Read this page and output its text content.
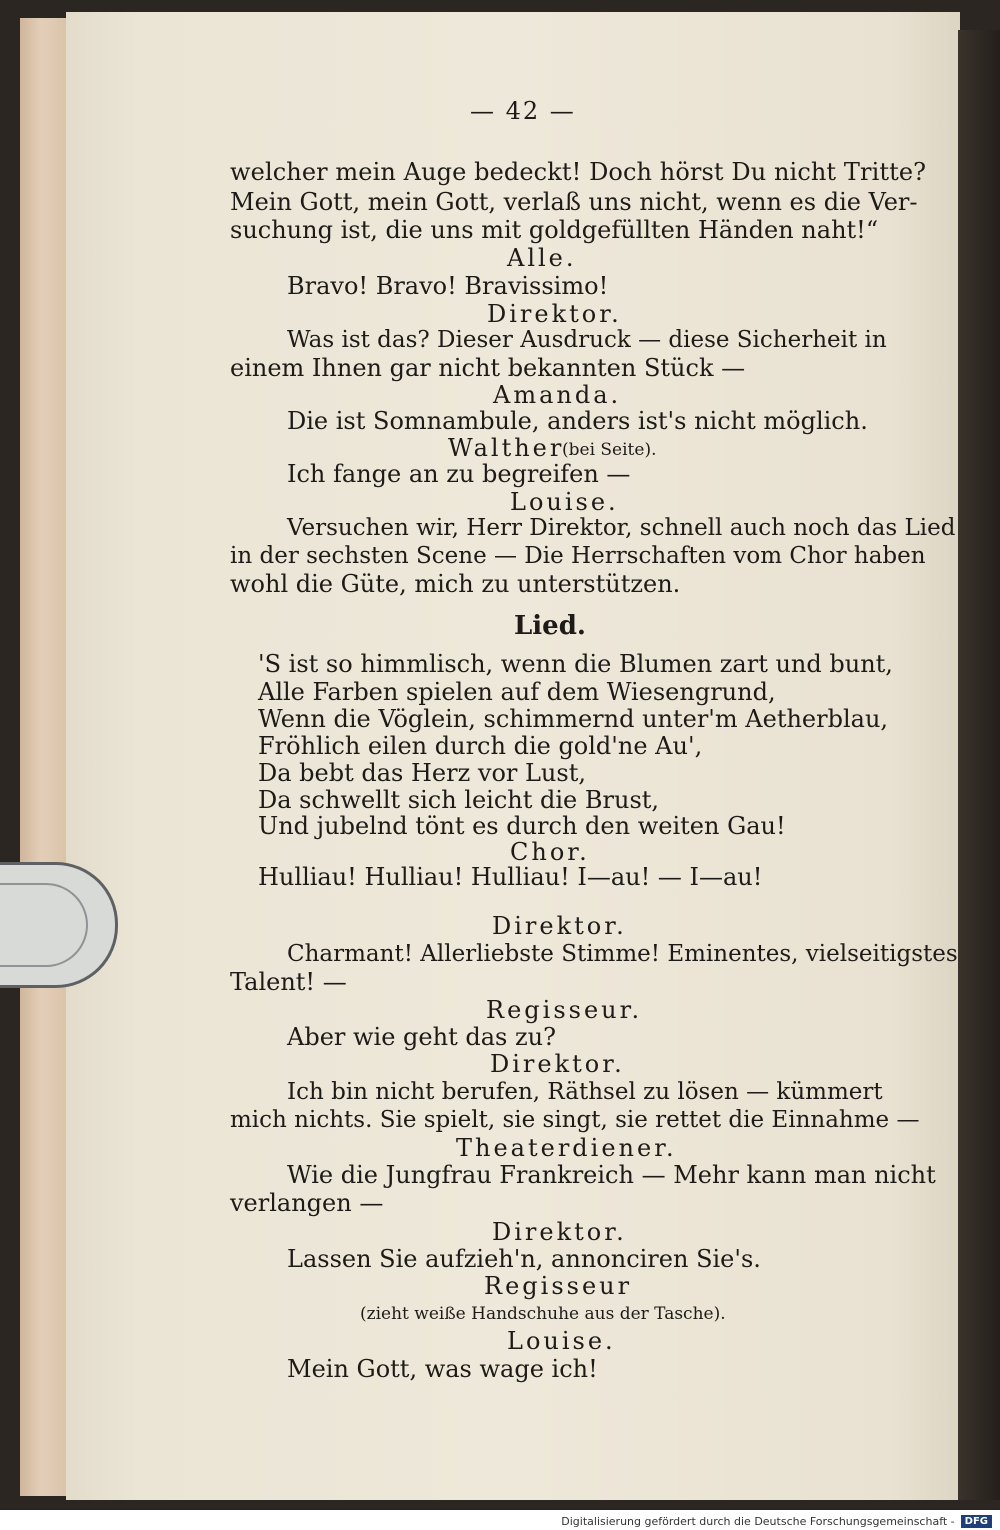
— 42 —
welcher mein Auge bedeckt! Doch hörst Du nicht Tritte?
Mein Gott, mein Gott, verlaß uns nicht, wenn es die Ver-
suchung ist, die uns mit goldgefüllten Händen naht!“
Alle.
Bravo! Bravo! Bravissimo!
Direktor.
Was ist das? Dieser Ausdruck — diese Sicherheit in
einem Ihnen gar nicht bekannten Stück —
Amanda.
Die ist Somnambule, anders ist's nicht möglich.
Walther
(bei Seite).
Ich fange an zu begreifen —
Louise.
Versuchen wir, Herr Direktor, schnell auch noch das Lied
in der sechsten Scene — Die Herrschaften vom Chor haben
wohl die Güte, mich zu unterstützen.
Lied.
'S ist so himmlisch, wenn die Blumen zart und bunt,
Alle Farben spielen auf dem Wiesengrund,
Wenn die Vöglein, schimmernd unter'm Aetherblau,
Fröhlich eilen durch die gold'ne Au',
Da bebt das Herz vor Lust,
Da schwellt sich leicht die Brust,
Und jubelnd tönt es durch den weiten Gau!
Chor.
Hulliau! Hulliau! Hulliau! I—au! — I—au!
Direktor.
Charmant! Allerliebste Stimme! Eminentes, vielseitigstes
Talent! —
Regisseur.
Aber wie geht das zu?
Direktor.
Ich bin nicht berufen, Räthsel zu lösen — kümmert
mich nichts. Sie spielt, sie singt, sie rettet die Einnahme —
Theaterdiener.
Wie die Jungfrau Frankreich — Mehr kann man nicht
verlangen —
Direktor.
Lassen Sie aufzieh'n, annonciren Sie's.
Regisseur
(zieht weiße Handschuhe aus der Tasche).
Louise.
Mein Gott, was wage ich!
Digitalisierung gefördert durch die Deutsche Forschungsgemeinschaft -	DFG
